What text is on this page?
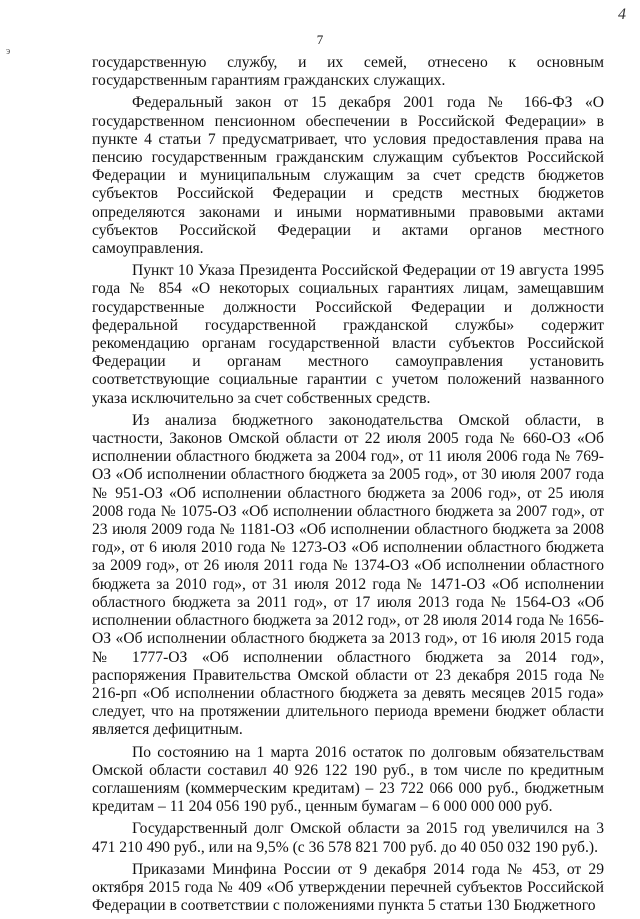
4
э
7

государственную службу, и их семей, отнесено к основным государственным гарантиям гражданских служащих.

Федеральный закон от 15 декабря 2001 года № 166-ФЗ «О государственном пенсионном обеспечении в Российской Федерации» в пункте 4 статьи 7 предусматривает, что условия предоставления права на пенсию государственным гражданским служащим субъектов Российской Федерации и муниципальным служащим за счет средств бюджетов субъектов Российской Федерации и средств местных бюджетов определяются законами и иными нормативными правовыми актами субъектов Российской Федерации и актами органов местного самоуправления.

Пункт 10 Указа Президента Российской Федерации от 19 августа 1995 года № 854 «О некоторых социальных гарантиях лицам, замещавшим государственные должности Российской Федерации и должности федеральной государственной гражданской службы» содержит рекомендацию органам государственной власти субъектов Российской Федерации и органам местного самоуправления установить соответствующие социальные гарантии с учетом положений названного указа исключительно за счет собственных средств.

Из анализа бюджетного законодательства Омской области, в частности, Законов Омской области от 22 июля 2005 года № 660-ОЗ «Об исполнении областного бюджета за 2004 год», от 11 июля 2006 года № 769-ОЗ «Об исполнении областного бюджета за 2005 год», от 30 июля 2007 года № 951-ОЗ «Об исполнении областного бюджета за 2006 год», от 25 июля 2008 года № 1075-ОЗ «Об исполнении областного бюджета за 2007 год», от 23 июля 2009 года № 1181-ОЗ «Об исполнении областного бюджета за 2008 год», от 6 июля 2010 года № 1273-ОЗ «Об исполнении областного бюджета за 2009 год», от 26 июля 2011 года № 1374-ОЗ «Об исполнении областного бюджета за 2010 год», от 31 июля 2012 года № 1471-ОЗ «Об исполнении областного бюджета за 2011 год», от 17 июля 2013 года № 1564-ОЗ «Об исполнении областного бюджета за 2012 год», от 28 июля 2014 года № 1656-ОЗ «Об исполнении областного бюджета за 2013 год», от 16 июля 2015 года № 1777-ОЗ «Об исполнении областного бюджета за 2014 год», распоряжения Правительства Омской области от 23 декабря 2015 года № 216-рп «Об исполнении областного бюджета за девять месяцев 2015 года» следует, что на протяжении длительного периода времени бюджет области является дефицитным.

По состоянию на 1 марта 2016 остаток по долговым обязательствам Омской области составил 40 926 122 190 руб., в том числе по кредитным соглашениям (коммерческим кредитам) – 23 722 066 000 руб., бюджетным кредитам – 11 204 056 190 руб., ценным бумагам – 6 000 000 000 руб.

Государственный долг Омской области за 2015 год увеличился на 3 471 210 490 руб., или на 9,5% (с 36 578 821 700 руб. до 40 050 032 190 руб.).

Приказами Минфина России от 9 декабря 2014 года № 453, от 29 октября 2015 года № 409 «Об утверждении перечней субъектов Российской Федерации в соответствии с положениями пункта 5 статьи 130 Бюджетного
